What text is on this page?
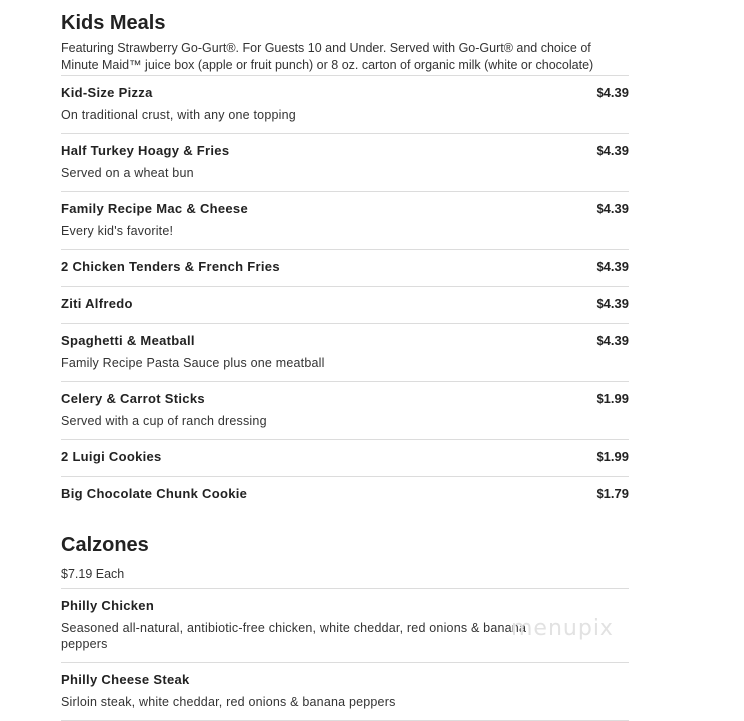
Kids Meals
Featuring Strawberry Go-Gurt®. For Guests 10 and Under. Served with Go-Gurt® and choice of Minute Maid™ juice box (apple or fruit punch) or 8 oz. carton of organic milk (white or chocolate)
Kid-Size Pizza	$4.39
On traditional crust, with any one topping
Half Turkey Hoagy & Fries	$4.39
Served on a wheat bun
Family Recipe Mac & Cheese	$4.39
Every kid's favorite!
2 Chicken Tenders & French Fries	$4.39
Ziti Alfredo	$4.39
Spaghetti & Meatball	$4.39
Family Recipe Pasta Sauce plus one meatball
Celery & Carrot Sticks	$1.99
Served with a cup of ranch dressing
2 Luigi Cookies	$1.99
Big Chocolate Chunk Cookie	$1.79
Calzones
$7.19 Each
Philly Chicken
Seasoned all-natural, antibiotic-free chicken, white cheddar, red onions & banana peppers
Philly Cheese Steak
Sirloin steak, white cheddar, red onions & banana peppers
menupix
